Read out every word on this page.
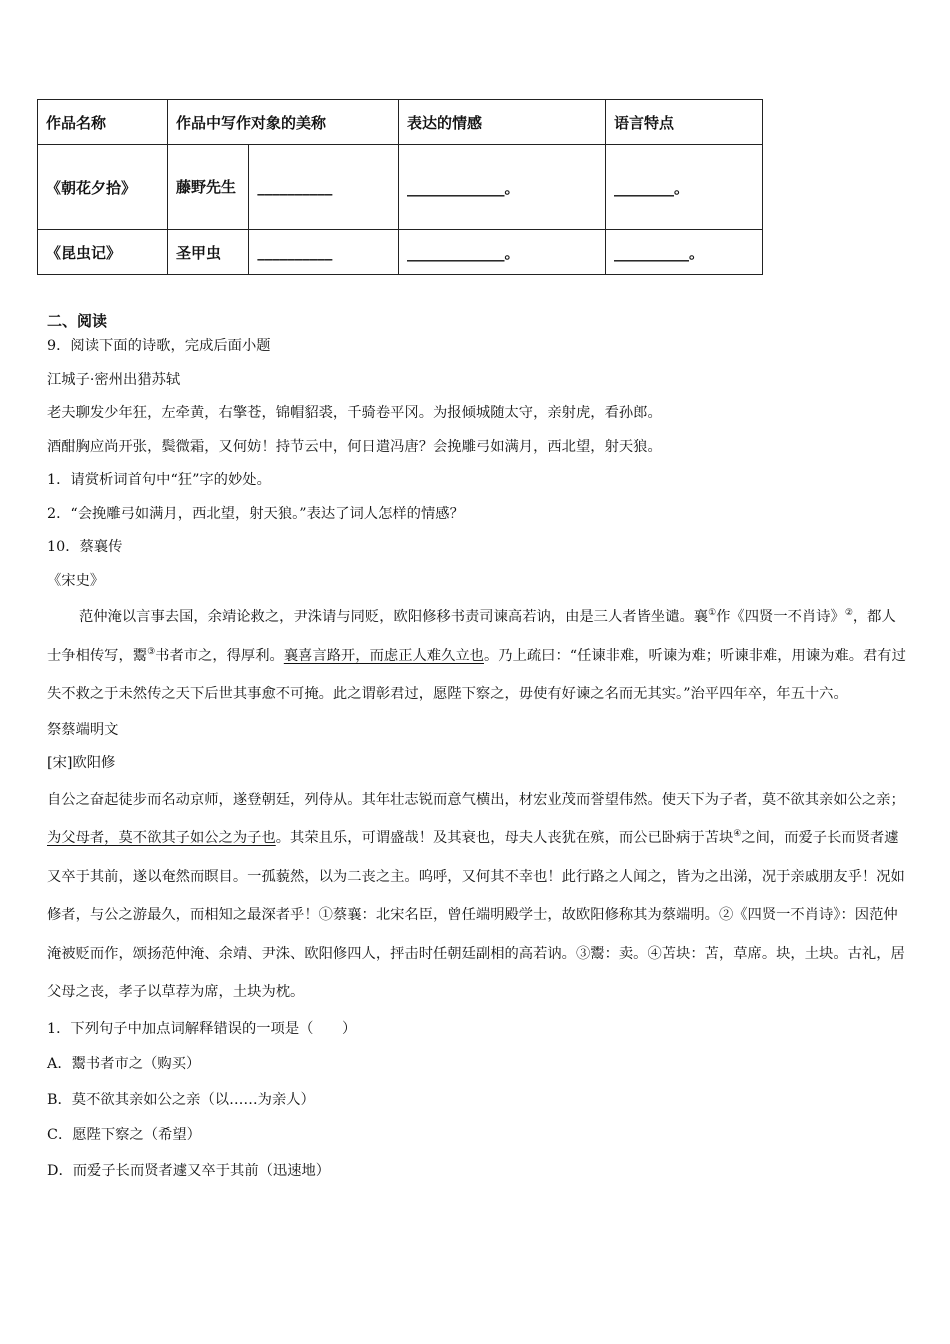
作品名称	作品中写作对象的美称		表达的情感	语言特点
《朝花夕拾》	藤野先生	__________	_____________。	________。
《昆虫记》	圣甲虫	__________	_____________。	__________。
二、阅读
9．阅读下面的诗歌，完成后面小题
江城子·密州出猎苏轼
老夫聊发少年狂，左牵黄，右擎苍，锦帽貂裘，千骑卷平冈。为报倾城随太守，亲射虎，看孙郎。
酒酣胸应尚开张，鬓微霜，又何妨！持节云中，何日遣冯唐？会挽雕弓如满月，西北望，射天狼。
1．请赏析词首句中“狂”字的妙处。
2．“会挽雕弓如满月，西北望，射天狼。”表达了词人怎样的情感？
10．蔡襄传
《宋史》
范仲淹以言事去国，余靖论救之，尹洙请与同贬，欧阳修移书责司谏高若讷，由是三人者皆坐谴。襄①作《四贤一不肖诗》②，都人士争相传写，鬻③书者市之，得厚利。襄喜言路开，而虑正人难久立也。乃上疏曰：“任谏非难，听谏为难；听谏非难，用谏为难。君有过失不救之于未然传之天下后世其事愈不可掩。此之谓彰君过，愿陛下察之，毋使有好谏之名而无其实。”治平四年卒，年五十六。
祭蔡端明文
[宋]欧阳修
自公之奋起徒步而名动京师，遂登朝廷，列侍从。其年壮志锐而意气横出，材宏业茂而誉望伟然。使天下为子者，莫不欲其亲如公之亲；为父母者，莫不欲其子如公之为子也。其荣且乐，可谓盛哉！及其衰也，母夫人丧犹在殡，而公已卧病于苫块④之间，而爱子长而贤者遽又卒于其前，遂以奄然而瞑目。一孤藐然，以为二丧之主。呜呼，又何其不幸也！此行路之人闻之，皆为之出涕，况于亲戚朋友乎！况如修者，与公之游最久，而相知之最深者乎！①蔡襄：北宋名臣，曾任端明殿学士，故欧阳修称其为蔡端明。②《四贤一不肖诗》：因范仲淹被贬而作，颂扬范仲淹、余靖、尹洙、欧阳修四人，抨击时任朝廷副相的高若讷。③鬻：卖。④苫块：苫，草席。块，土块。古礼，居父母之丧，孝子以草荐为席，土块为枕。
1．下列句子中加点词解释错误的一项是（　　）
A．鬻书者市之（购买）
B．莫不欲其亲如公之亲（以……为亲人）
C．愿陛下察之（希望）
D．而爱子长而贤者遽又卒于其前（迅速地）
